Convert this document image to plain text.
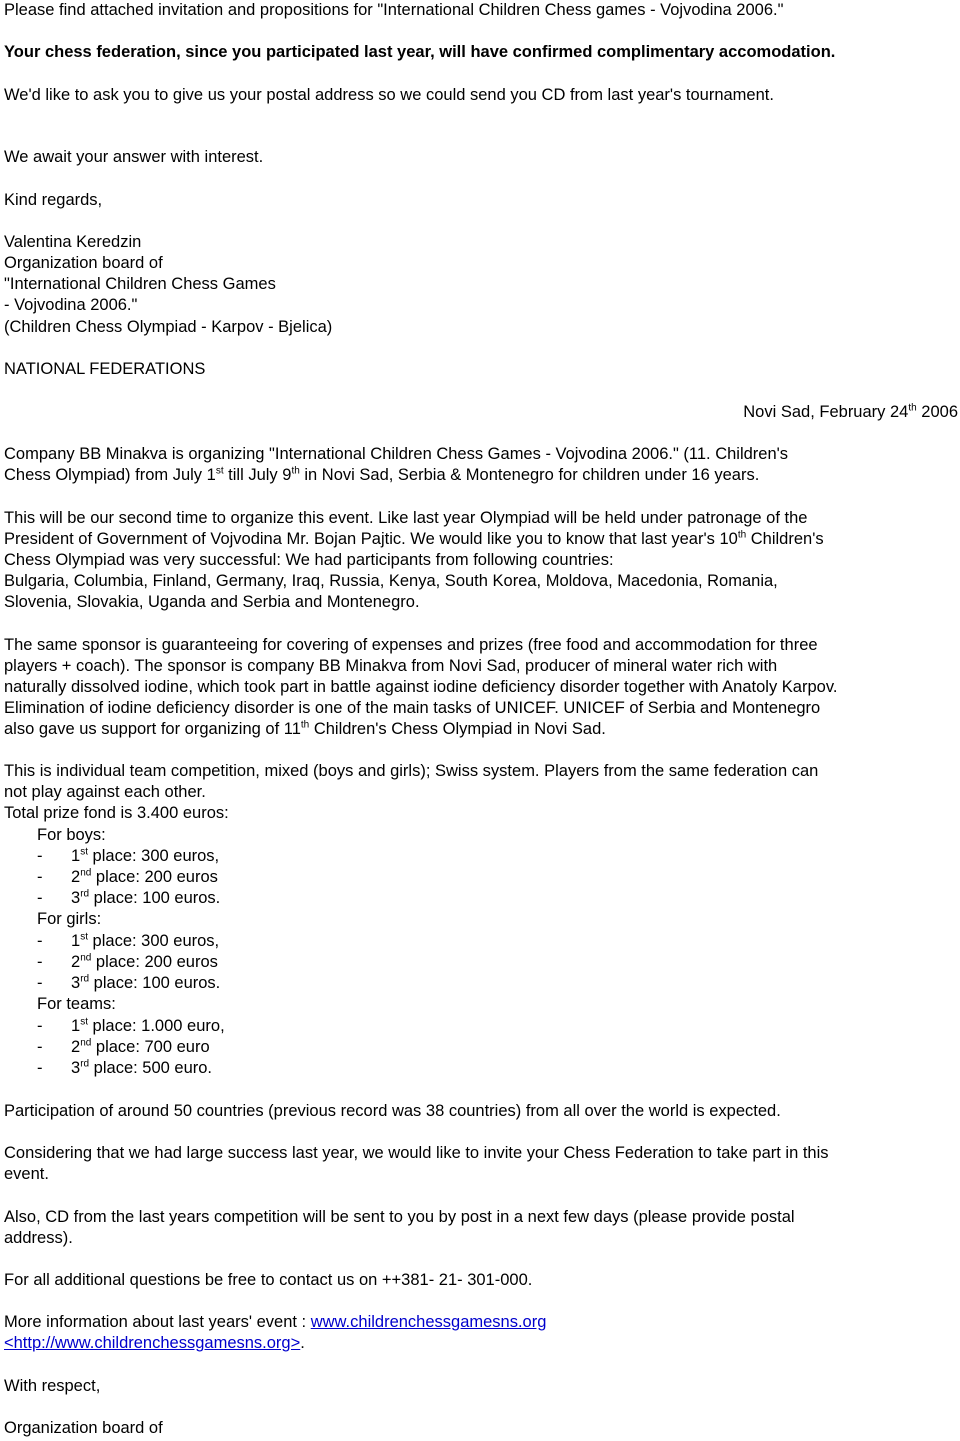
Please find attached invitation and propositions for "International Children Chess games - Vojvodina 2006."
Your chess federation, since you participated last year, will have confirmed complimentary accomodation.
We'd like to ask you to give us your postal address so we could send you CD from last year's tournament.
We await your answer with interest.
Kind regards,
Valentina Keredzin
Organization board of
"International Children Chess Games
- Vojvodina 2006."
(Children Chess Olympiad - Karpov - Bjelica)
NATIONAL FEDERATIONS
Novi Sad, February 24th 2006
Company BB Minakva is organizing "International Children Chess Games - Vojvodina 2006." (11. Children's
Chess Olympiad) from July 1st till July 9th in Novi Sad, Serbia & Montenegro for children under 16 years.
This will be our second time to organize this event. Like last year Olympiad will be held under patronage of the
President of Government of Vojvodina Mr. Bojan Pajtic. We would like you to know that last year's 10th Children's
Chess Olympiad was very successful: We had participants from following countries:
Bulgaria, Columbia, Finland, Germany, Iraq, Russia, Kenya, South Korea, Moldova, Macedonia, Romania,
Slovenia, Slovakia, Uganda and Serbia and Montenegro.
The same sponsor is guaranteeing for covering of expenses and prizes (free food and accommodation for three
players + coach). The sponsor is company BB Minakva from Novi Sad, producer of mineral water rich with
naturally dissolved iodine, which took part in battle against iodine deficiency disorder together with Anatoly Karpov.
Elimination of iodine deficiency disorder is one of the main tasks of UNICEF. UNICEF of Serbia and Montenegro
also gave us support for organizing of 11th Children's Chess Olympiad in Novi Sad.
This is individual team competition, mixed (boys and girls); Swiss system. Players from the same federation can
not play against each other.
Total prize fond is 3.400 euros:
For boys:
- 1st place: 300 euros,
- 2nd place: 200 euros
- 3rd place: 100 euros.
For girls:
- 1st place: 300 euros,
- 2nd place: 200 euros
- 3rd place: 100 euros.
For teams:
- 1st place: 1.000 euro,
- 2nd place: 700 euro
- 3rd place: 500 euro.
Participation of around 50 countries (previous record was 38 countries) from all over the world is expected.
Considering that we had large success last year, we would like to invite your Chess Federation to take part in this
event.
Also, CD from the last years competition will be sent to you by post in a next few days (please provide postal
address).
For all additional questions be free to contact us on ++381- 21- 301-000.
More information about last years' event : www.childrenchessgamesns.org
<http://www.childrenchessgamesns.org>.
With respect,
Organization board of
